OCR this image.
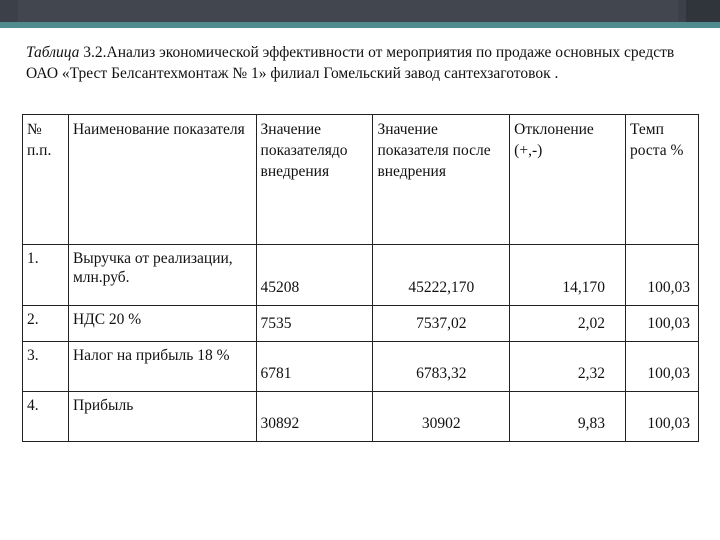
Таблица 3.2.Анализ экономической эффективности от мероприятия по продаже основных средств ОАО «Трест Белсантехмонтаж № 1» филиал Гомельский завод сантехзаготовок .
№ п.п.	Наименование показателя	Значение показателядо внедрения	Значение показателя после внедрения	Отклонение (+,-)	Темп роста %
1.	Выручка от реализации, млн.руб.	45208	45222,170	14,170	100,03
2.	НДС 20 %	7535	7537,02	2,02	100,03
3.	Налог на прибыль 18 %	6781	6783,32	2,32	100,03
4.	Прибыль	30892	30902	9,83	100,03
